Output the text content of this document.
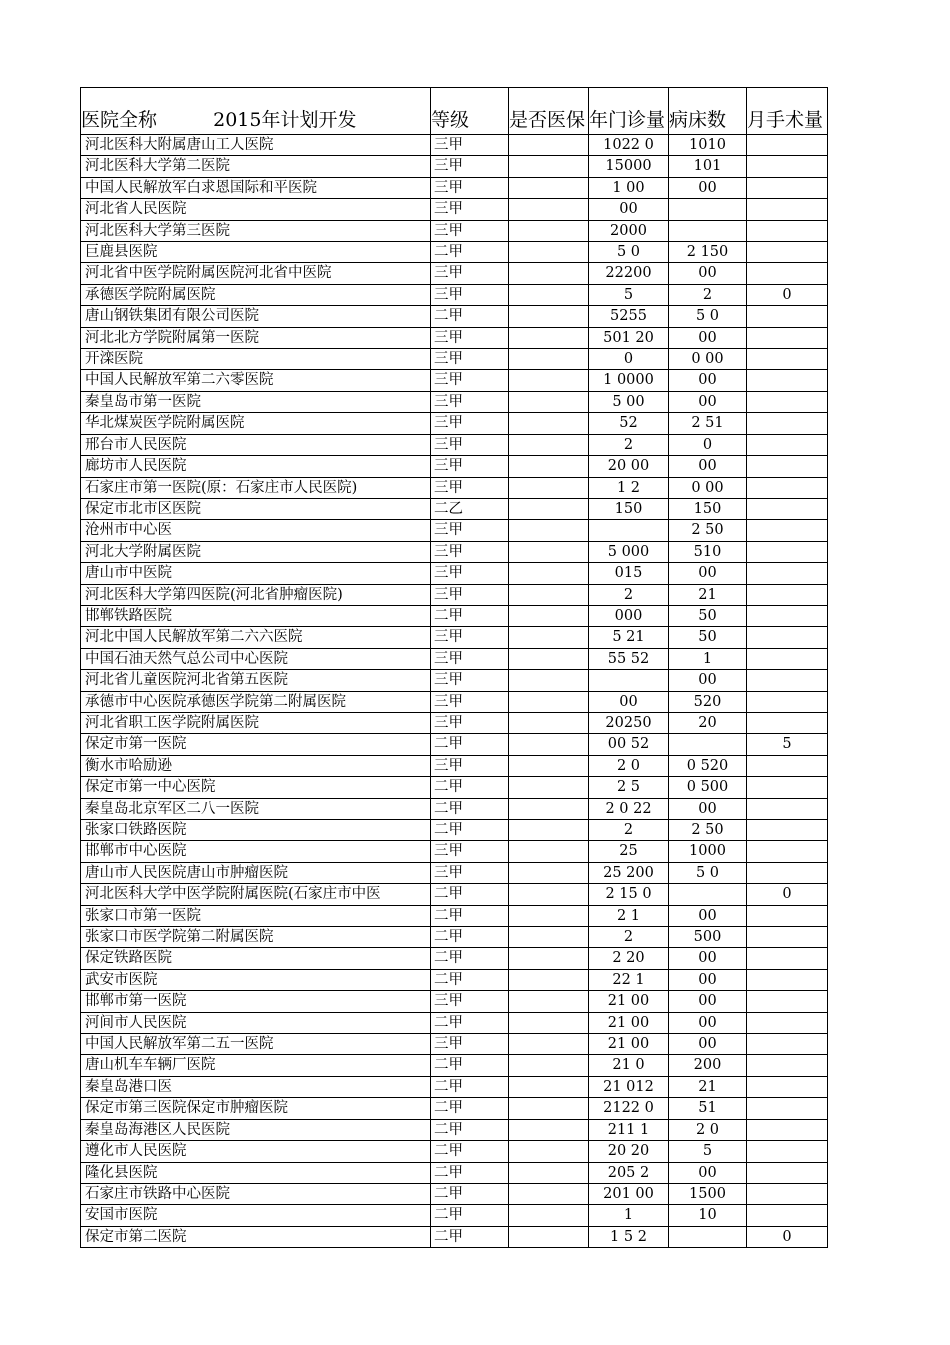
医院全称 2015年计划开发	等级	是否医保	年门诊量	病床数	月手术量
河北医科大附属唐山工人医院	三甲		1022 0	1010	
河北医科大学第二医院	三甲		15000	101	
中国人民解放军白求恩国际和平医院	三甲		1 00	00	
河北省人民医院	三甲		00		
河北医科大学第三医院	三甲		2000		
巨鹿县医院	二甲		5 0	2 150	
河北省中医学院附属医院河北省中医院	三甲		22200	00	
承德医学院附属医院	三甲		5	2	0
唐山钢铁集团有限公司医院	二甲		5255	5 0	
河北北方学院附属第一医院	三甲		501 20	00	
开滦医院	三甲		0	0 00	
中国人民解放军第二六零医院	三甲		1 0000	00	
秦皇岛市第一医院	三甲		5 00	00	
华北煤炭医学院附属医院	三甲		52	2 51	
邢台市人民医院	三甲		2	0	
廊坊市人民医院	三甲		20 00	00	
石家庄市第一医院(原：石家庄市人民医院)	三甲		1 2	0 00	
保定市北市区医院	二乙		150	150	
沧州市中心医	三甲			2 50	
河北大学附属医院	三甲		5 000	510	
唐山市中医院	三甲		015	00	
河北医科大学第四医院(河北省肿瘤医院)	三甲		2	21	
邯郸铁路医院	二甲		000	50	
河北中国人民解放军第二六六医院	三甲		5 21	50	
中国石油天然气总公司中心医院	三甲		55 52	1	
河北省儿童医院河北省第五医院	三甲			00	
承德市中心医院承德医学院第二附属医院	三甲		00	520	
河北省职工医学院附属医院	三甲		20250	20	
保定市第一医院	二甲		00 52		5
衡水市哈励逊	三甲		2 0	0 520	
保定市第一中心医院	二甲		2 5	0 500	
秦皇岛北京军区二八一医院	二甲		2 0 22	00	
张家口铁路医院	二甲		2	2 50	
邯郸市中心医院	三甲		25	1000	
唐山市人民医院唐山市肿瘤医院	三甲		25 200	5 0	
河北医科大学中医学院附属医院(石家庄市中医	二甲		2 15 0		0
张家口市第一医院	二甲		2 1	00	
张家口市医学院第二附属医院	二甲		2	500	
保定铁路医院	二甲		2 20	00	
武安市医院	二甲		22 1	00	
邯郸市第一医院	三甲		21 00	00	
河间市人民医院	二甲		21 00	00	
中国人民解放军第二五一医院	三甲		21 00	00	
唐山机车车辆厂医院	二甲		21 0	200	
秦皇岛港口医	二甲		21 012	21	
保定市第三医院保定市肿瘤医院	二甲		2122 0	51	
秦皇岛海港区人民医院	二甲		211 1	2 0	
遵化市人民医院	二甲		20 20	5	
隆化县医院	二甲		205 2	00	
石家庄市铁路中心医院	二甲		201 00	1500	
安国市医院	二甲		1	10	
保定市第二医院	二甲		1 5 2		0
